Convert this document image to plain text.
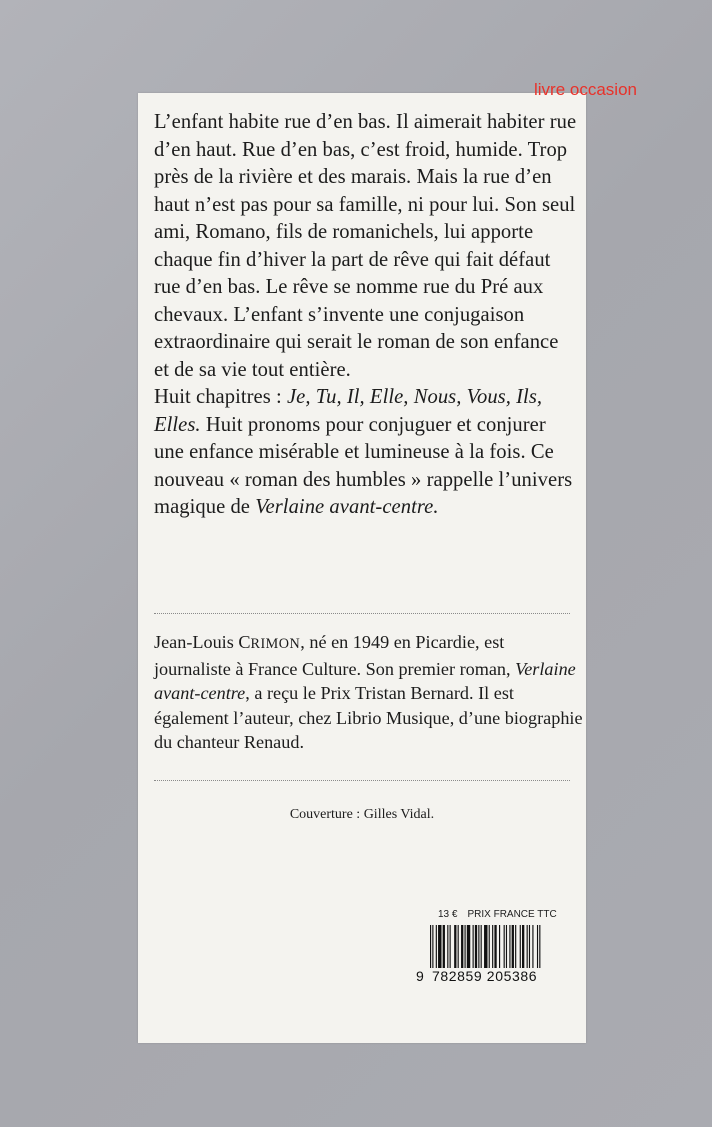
L’enfant habite rue d’en bas. Il aimerait habiter rue d’en haut. Rue d’en bas, c’est froid, humide. Trop près de la rivière et des marais. Mais la rue d’en haut n’est pas pour sa famille, ni pour lui. Son seul ami, Romano, fils de romanichels, lui apporte chaque fin d’hiver la part de rêve qui fait défaut rue d’en bas. Le rêve se nomme rue du Pré aux chevaux. L’enfant s’invente une conjugaison extraordinaire qui serait le roman de son enfance et de sa vie tout entière.

Huit chapitres : Je, Tu, Il, Elle, Nous, Vous, Ils, Elles. Huit pronoms pour conjuguer et conjurer une enfance misérable et lumineuse à la fois. Ce nouveau « roman des humbles » rappelle l’univers magique de Verlaine avant-centre.

Jean-Louis CRIMON, né en 1949 en Picardie, est journaliste à France Culture. Son premier roman, Verlaine avant-centre, a reçu le Prix Tristan Bernard. Il est également l’auteur, chez Librio Musique, d’une biographie du chanteur Renaud.

Couverture : Gilles Vidal.
13 € PRIX FRANCE TTC
9 782859 205386
livre occasion
